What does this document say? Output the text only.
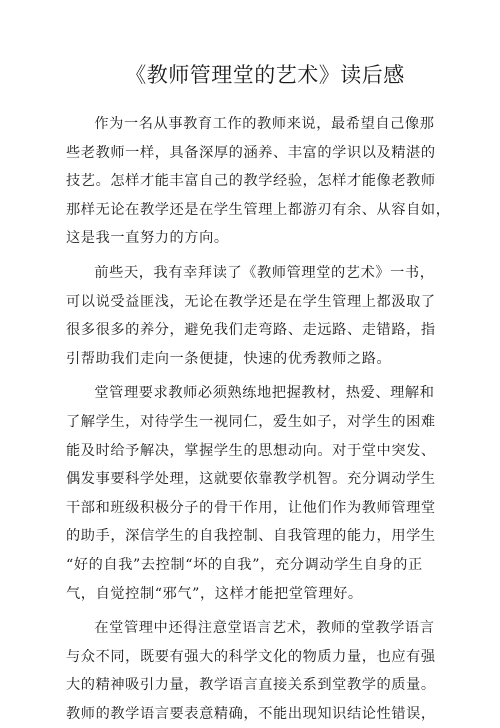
《教师管理堂的艺术》读后感

作为一名从事教育工作的教师来说，最希望自己像那
些老教师一样，具备深厚的涵养、丰富的学识以及精湛的
技艺。怎样才能丰富自己的教学经验，怎样才能像老教师
那样无论在教学还是在学生管理上都游刃有余、从容自如，
这是我一直努力的方向。

前些天，我有幸拜读了《教师管理堂的艺术》一书，
可以说受益匪浅，无论在教学还是在学生管理上都汲取了
很多很多的养分，避免我们走弯路、走远路、走错路，指
引帮助我们走向一条便捷，快速的优秀教师之路。

堂管理要求教师必须熟练地把握教材，热爱、理解和
了解学生，对待学生一视同仁，爱生如子，对学生的困难
能及时给予解决，掌握学生的思想动向。对于堂中突发、
偶发事要科学处理，这就要依靠教学机智。充分调动学生
干部和班级积极分子的骨干作用，让他们作为教师管理堂
的助手，深信学生的自我控制、自我管理的能力，用学生
“好的自我”去控制“坏的自我”，充分调动学生自身的正
气，自觉控制“邪气”，这样才能把堂管理好。

在堂管理中还得注意堂语言艺术，教师的堂教学语言
与众不同，既要有强大的科学文化的物质力量，也应有强
大的精神吸引力量，教学语言直接关系到堂教学的质量。
教师的教学语言要表意精确，不能出现知识结论性错误，
